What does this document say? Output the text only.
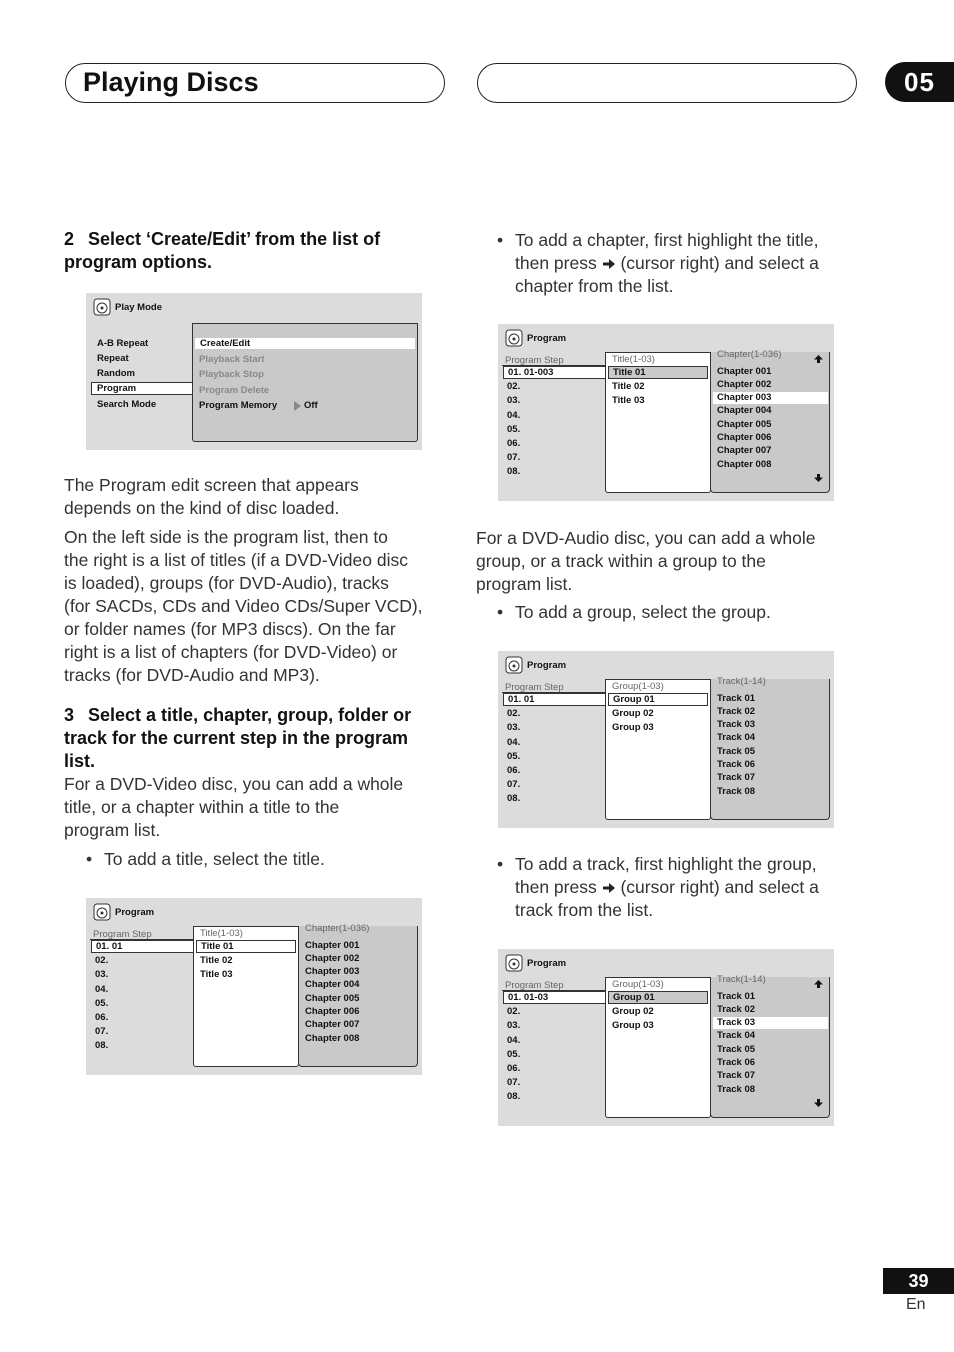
Playing Discs	05
2 Select ‘Create/Edit’ from the list of
program options.
Play Mode
A-B Repeat
Repeat
Random
Program
Search Mode
Create/Edit
Playback Start
Playback Stop
Program Delete
Program Memory	Off
The Program edit screen that appears
depends on the kind of disc loaded.
On the left side is the program list, then to
the right is a list of titles (if a DVD-Video disc
is loaded), groups (for DVD-Audio), tracks
(for SACDs, CDs and Video CDs/Super VCD),
or folder names (for MP3 discs). On the far
right is a list of chapters (for DVD-Video) or
tracks (for DVD-Audio and MP3).
3 Select a title, chapter, group, folder or
track for the current step in the program
list.
For a DVD-Video disc, you can add a whole
title, or a chapter within a title to the
program list.
• To add a title, select the title.
Program
Program Step
01. 01
02.
03.
04.
05.
06.
07.
08.
Title(1-03)
Title 01
Title 02
Title 03
Chapter(1-036)
Chapter 001
Chapter 002
Chapter 003
Chapter 004
Chapter 005
Chapter 006
Chapter 007
Chapter 008
• To add a chapter, first highlight the title,
then press (cursor right) and select a
chapter from the list.
Program
Program Step
01. 01-003
02.
03.
04.
05.
06.
07.
08.
Title(1-03)
Title 01
Title 02
Title 03
Chapter(1-036)
Chapter 001
Chapter 002
Chapter 003
Chapter 004
Chapter 005
Chapter 006
Chapter 007
Chapter 008
For a DVD-Audio disc, you can add a whole
group, or a track within a group to the
program list.
• To add a group, select the group.
Program
Program Step
01. 01
02.
03.
04.
05.
06.
07.
08.
Group(1-03)
Group 01
Group 02
Group 03
Track(1-14)
Track 01
Track 02
Track 03
Track 04
Track 05
Track 06
Track 07
Track 08
• To add a track, first highlight the group,
then press (cursor right) and select a
track from the list.
Program
Program Step
01. 01-03
02.
03.
04.
05.
06.
07.
08.
Group(1-03)
Group 01
Group 02
Group 03
Track(1-14)
Track 01
Track 02
Track 03
Track 04
Track 05
Track 06
Track 07
Track 08
39
En
